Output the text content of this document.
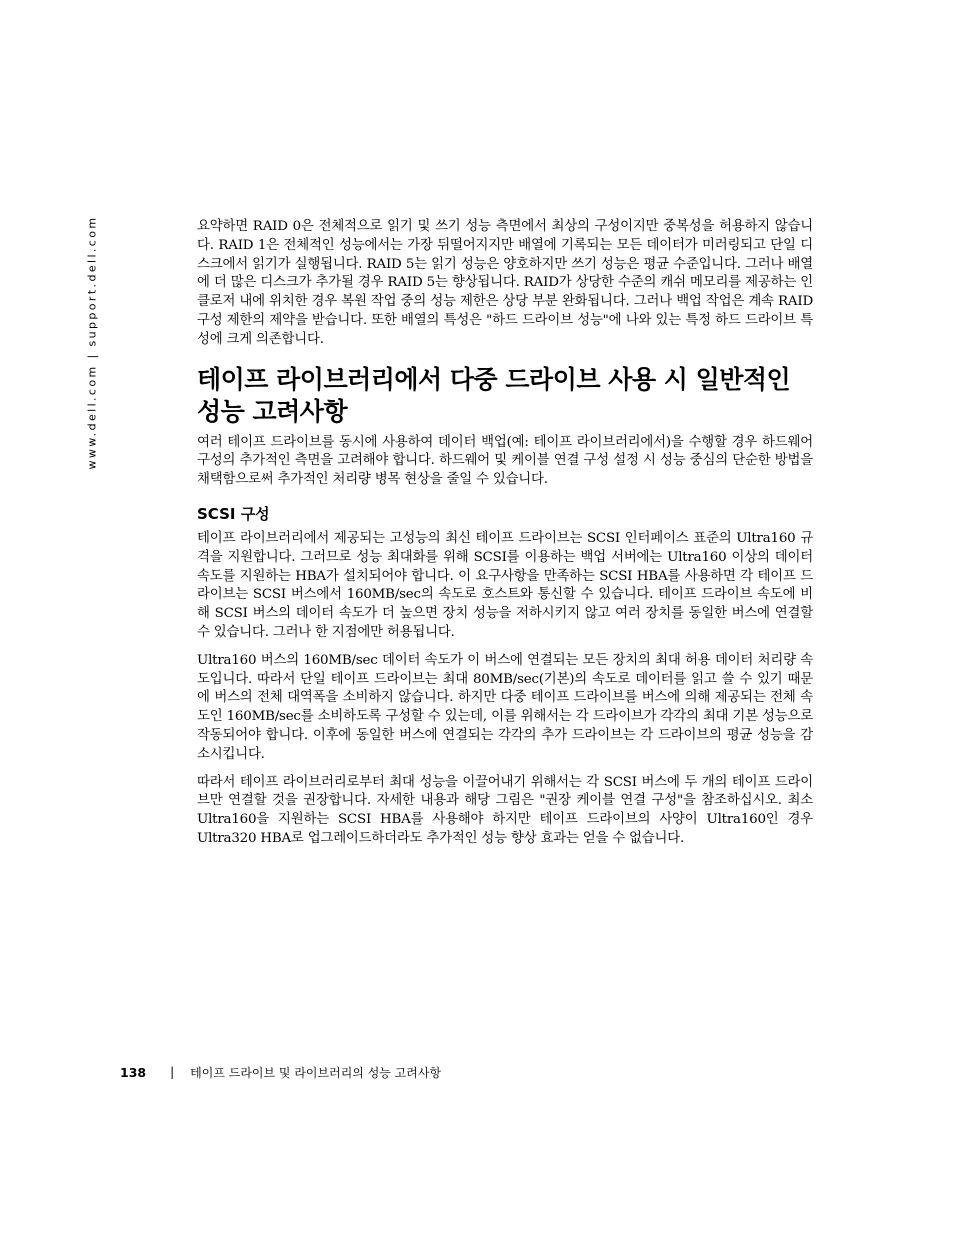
www.dell.com | support.dell.com	요약하면 RAID 0은 전체적으로 읽기 및 쓰기 성능 측면에서 최상의 구성이지만 중복성을 허용하지 않습니다. RAID 1은 전체적인 성능에서는 가장 뒤떨어지지만 배열에 기록되는 모든 데이터가 미러링되고 단일 디스크에서 읽기가 실행됩니다. RAID 5는 읽기 성능은 양호하지만 쓰기 성능은 평균 수준입니다. 그러나 배열에 더 많은 디스크가 추가될 경우 RAID 5는 향상됩니다. RAID가 상당한 수준의 캐쉬 메모리를 제공하는 인클로저 내에 위치한 경우 복원 작업 중의 성능 제한은 상당 부분 완화됩니다. 그러나 백업 작업은 계속 RAID 구성 제한의 제약을 받습니다. 또한 배열의 특성은 "하드 드라이브 성능"에 나와 있는 특정 하드 드라이브 특성에 크게 의존합니다.

테이프 라이브러리에서 다중 드라이브 사용 시 일반적인 성능 고려사항

여러 테이프 드라이브를 동시에 사용하여 데이터 백업(예: 테이프 라이브러리에서)을 수행할 경우 하드웨어 구성의 추가적인 측면을 고려해야 합니다. 하드웨어 및 케이블 연결 구성 설정 시 성능 중심의 단순한 방법을 채택함으로써 추가적인 처리량 병목 현상을 줄일 수 있습니다.

SCSI 구성

테이프 라이브러리에서 제공되는 고성능의 최신 테이프 드라이브는 SCSI 인터페이스 표준의 Ultra160 규격을 지원합니다. 그러므로 성능 최대화를 위해 SCSI를 이용하는 백업 서버에는 Ultra160 이상의 데이터 속도를 지원하는 HBA가 설치되어야 합니다. 이 요구사항을 만족하는 SCSI HBA를 사용하면 각 테이프 드라이브는 SCSI 버스에서 160MB/sec의 속도로 호스트와 통신할 수 있습니다. 테이프 드라이브 속도에 비해 SCSI 버스의 데이터 속도가 더 높으면 장치 성능을 저하시키지 않고 여러 장치를 동일한 버스에 연결할 수 있습니다. 그러나 한 지점에만 허용됩니다.

Ultra160 버스의 160MB/sec 데이터 속도가 이 버스에 연결되는 모든 장치의 최대 허용 데이터 처리량 속도입니다. 따라서 단일 테이프 드라이브는 최대 80MB/sec(기본)의 속도로 데이터를 읽고 쓸 수 있기 때문에 버스의 전체 대역폭을 소비하지 않습니다. 하지만 다중 테이프 드라이브를 버스에 의해 제공되는 전체 속도인 160MB/sec를 소비하도록 구성할 수 있는데, 이를 위해서는 각 드라이브가 각각의 최대 기본 성능으로 작동되어야 합니다. 이후에 동일한 버스에 연결되는 각각의 추가 드라이브는 각 드라이브의 평균 성능을 감소시킵니다.

따라서 테이프 라이브러리로부터 최대 성능을 이끌어내기 위해서는 각 SCSI 버스에 두 개의 테이프 드라이브만 연결할 것을 권장합니다. 자세한 내용과 해당 그림은 "권장 케이블 연결 구성"을 참조하십시오. 최소 Ultra160을 지원하는 SCSI HBA를 사용해야 하지만 테이프 드라이브의 사양이 Ultra160인 경우 Ultra320 HBA로 업그레이드하더라도 추가적인 성능 향상 효과는 얻을 수 없습니다.

138 | 테이프 드라이브 및 라이브러리의 성능 고려사항
